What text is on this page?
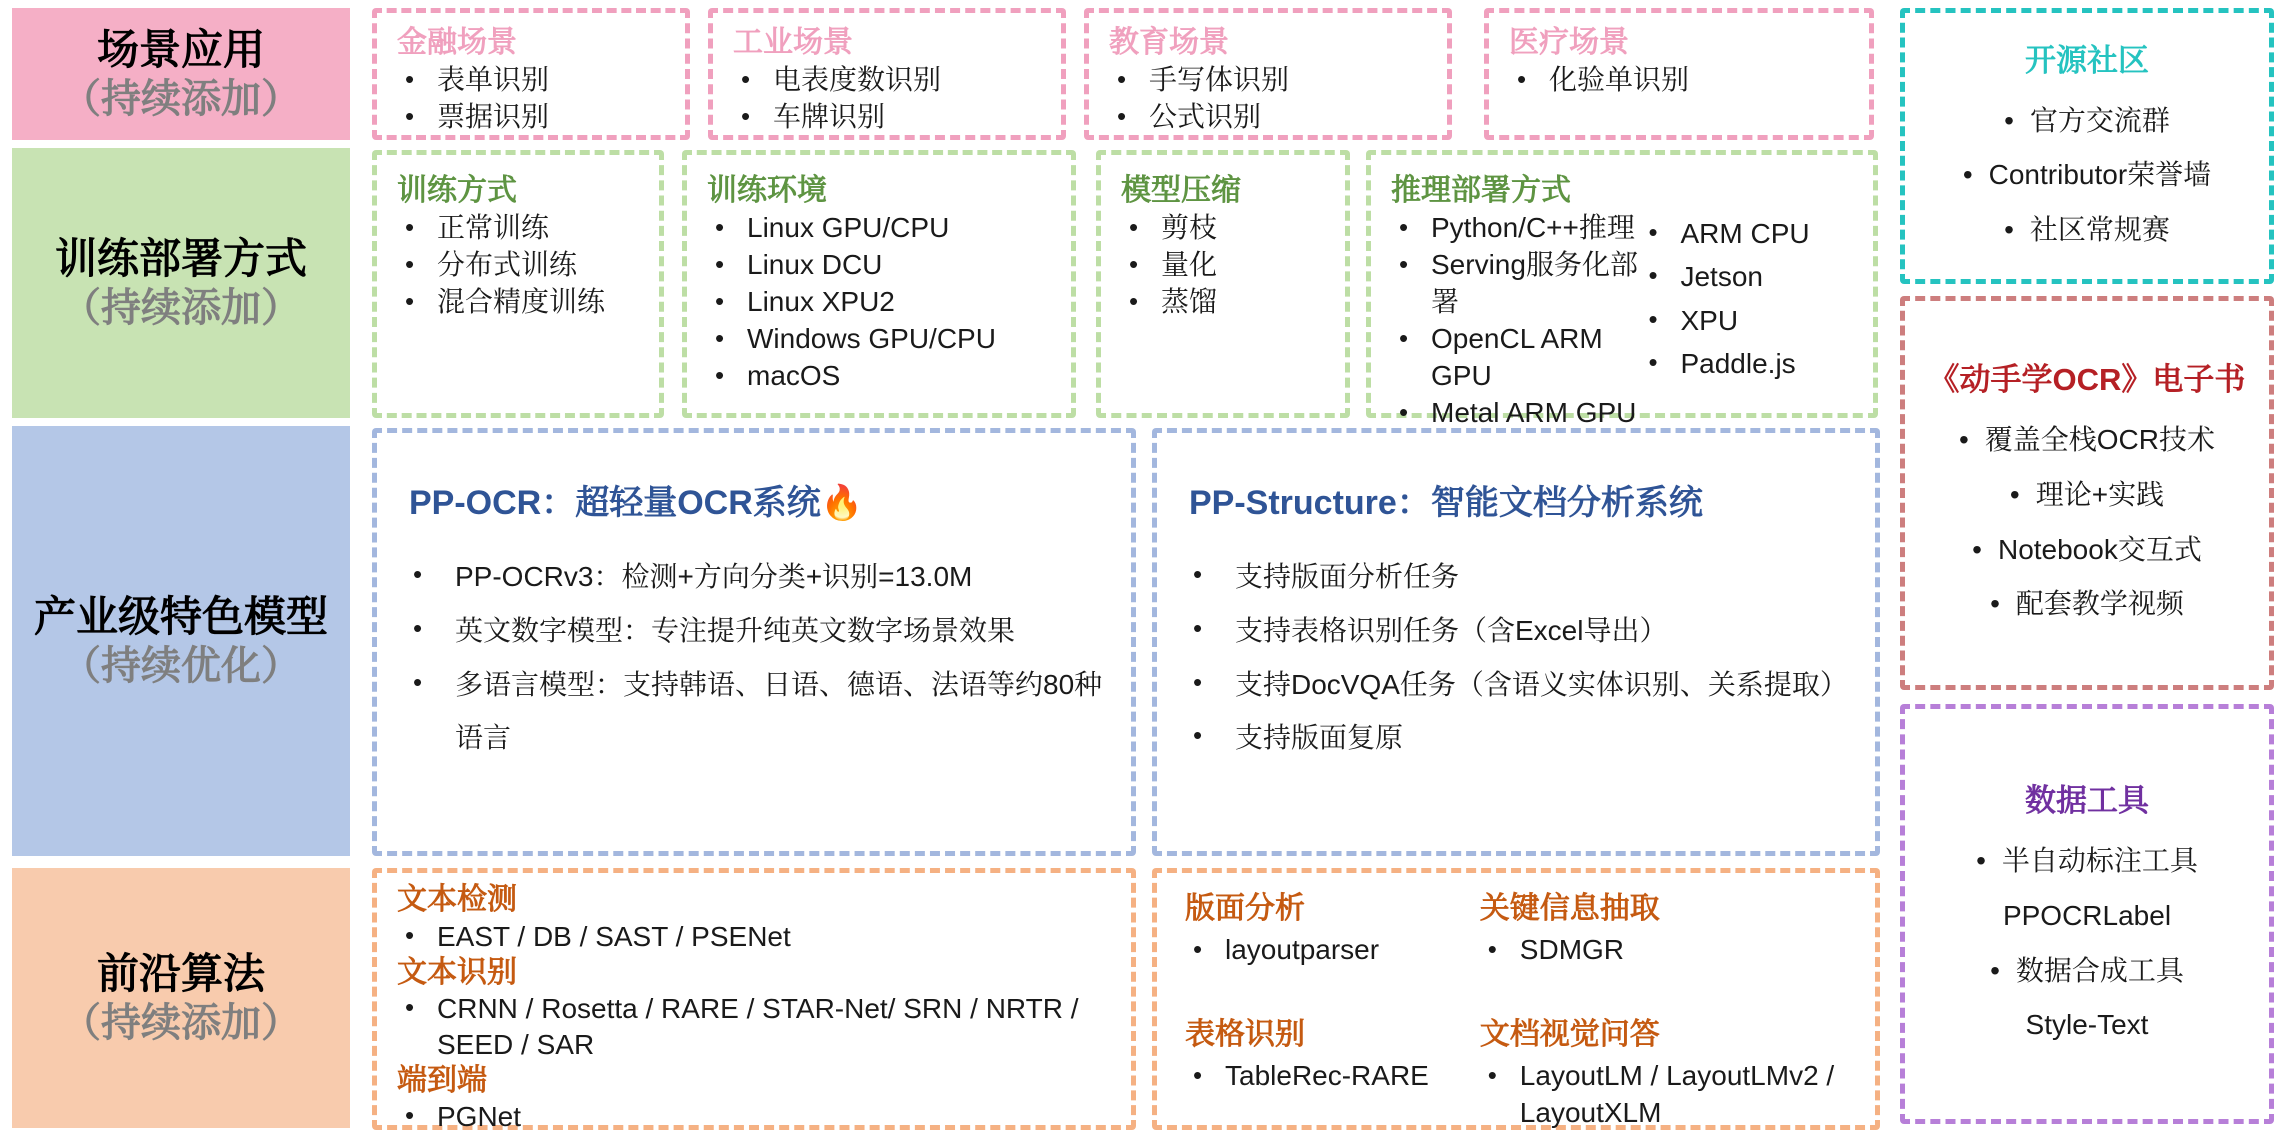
场景应用
（持续添加）
训练部署方式
（持续添加）
产业级特色模型
（持续优化）
前沿算法
（持续添加）
金融场景
• 表单识别
• 票据识别
工业场景
• 电表度数识别
• 车牌识别
教育场景
• 手写体识别
• 公式识别
医疗场景
• 化验单识别
训练方式
• 正常训练
• 分布式训练
• 混合精度训练
训练环境
• Linux GPU/CPU
• Linux DCU
• Linux XPU2
• Windows GPU/CPU
• macOS
模型压缩
• 剪枝
• 量化
• 蒸馏
推理部署方式
• Python/C++推理
• Serving服务化部署
• OpenCL ARM GPU
• Metal ARM GPU
• ARM CPU
• Jetson
• XPU
• Paddle.js
PP-OCR：超轻量OCR系统🔥
•	PP-OCRv3：检测+方向分类+识别=13.0M
•	英文数字模型：专注提升纯英文数字场景效果
•	多语言模型：支持韩语、日语、德语、法语等约80种语言
PP-Structure：智能文档分析系统
•	支持版面分析任务
•	支持表格识别任务（含Excel导出）
•	支持DocVQA任务（含语义实体识别、关系提取）
•	支持版面复原
文本检测
• EAST / DB / SAST / PSENet
文本识别
• CRNN / Rosetta / RARE / STAR-Net/ SRN / NRTR / SEED / SAR
端到端
• PGNet
版面分析
• layoutparser
关键信息抽取
• SDMGR
表格识别
• TableRec-RARE
文档视觉问答
• LayoutLM / LayoutLMv2 / LayoutXLM
开源社区
• 官方交流群
• Contributor荣誉墙
• 社区常规赛
《动手学OCR》电子书
• 覆盖全栈OCR技术
• 理论+实践
• Notebook交互式
• 配套教学视频
数据工具
• 半自动标注工具
PPOCRLabel
• 数据合成工具
Style-Text
